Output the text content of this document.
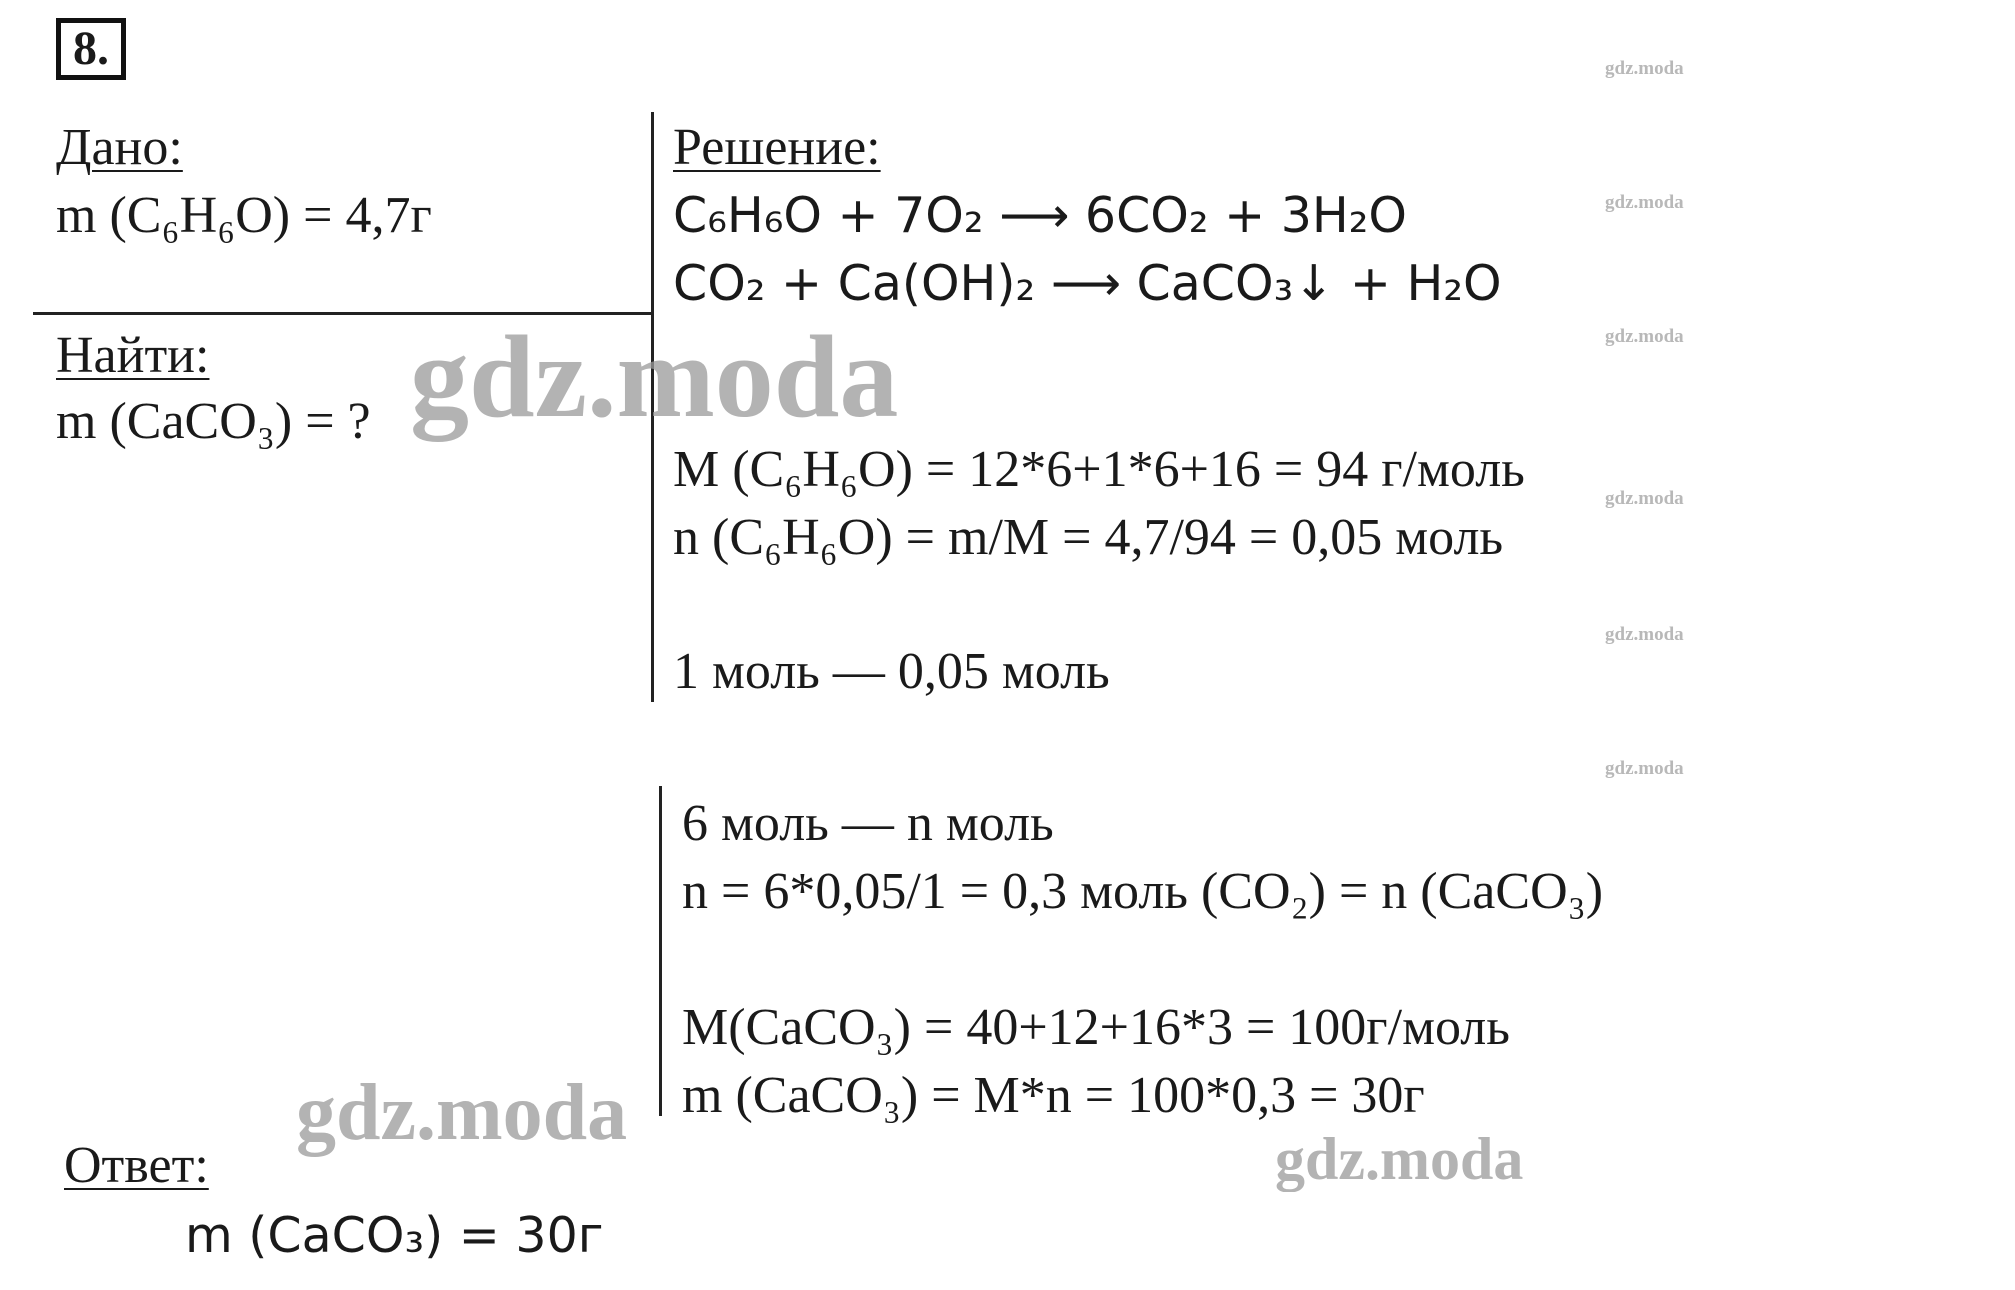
8.
Дано:
m (C₆H₆O) = 4,7г
Найти:
m (CaCO₃) = ?
Решение:
C₆H₆O + 7O₂ ⟶ 6CO₂ + 3H₂O
CO₂ + Ca(OH)₂ ⟶ CaCO₃↓ + H₂O
M (C₆H₆O) = 12*6+1*6+16 = 94 г/моль
n (C₆H₆O) = m/M = 4,7/94 = 0,05 моль
1 моль — 0,05 моль
6 моль — n моль
n = 6*0,05/1 = 0,3 моль (CO₂) = n (CaCO₃)
M(CaCO₃) = 40+12+16*3 = 100г/моль
m (CaCO₃) = M*n = 100*0,3 = 30г
Ответ:
m (CaCO₃) = 30г
gdz.moda
gdz.moda
gdz.moda
gdz.moda
gdz.moda
gdz.moda
gdz.moda
gdz.moda
gdz.moda
